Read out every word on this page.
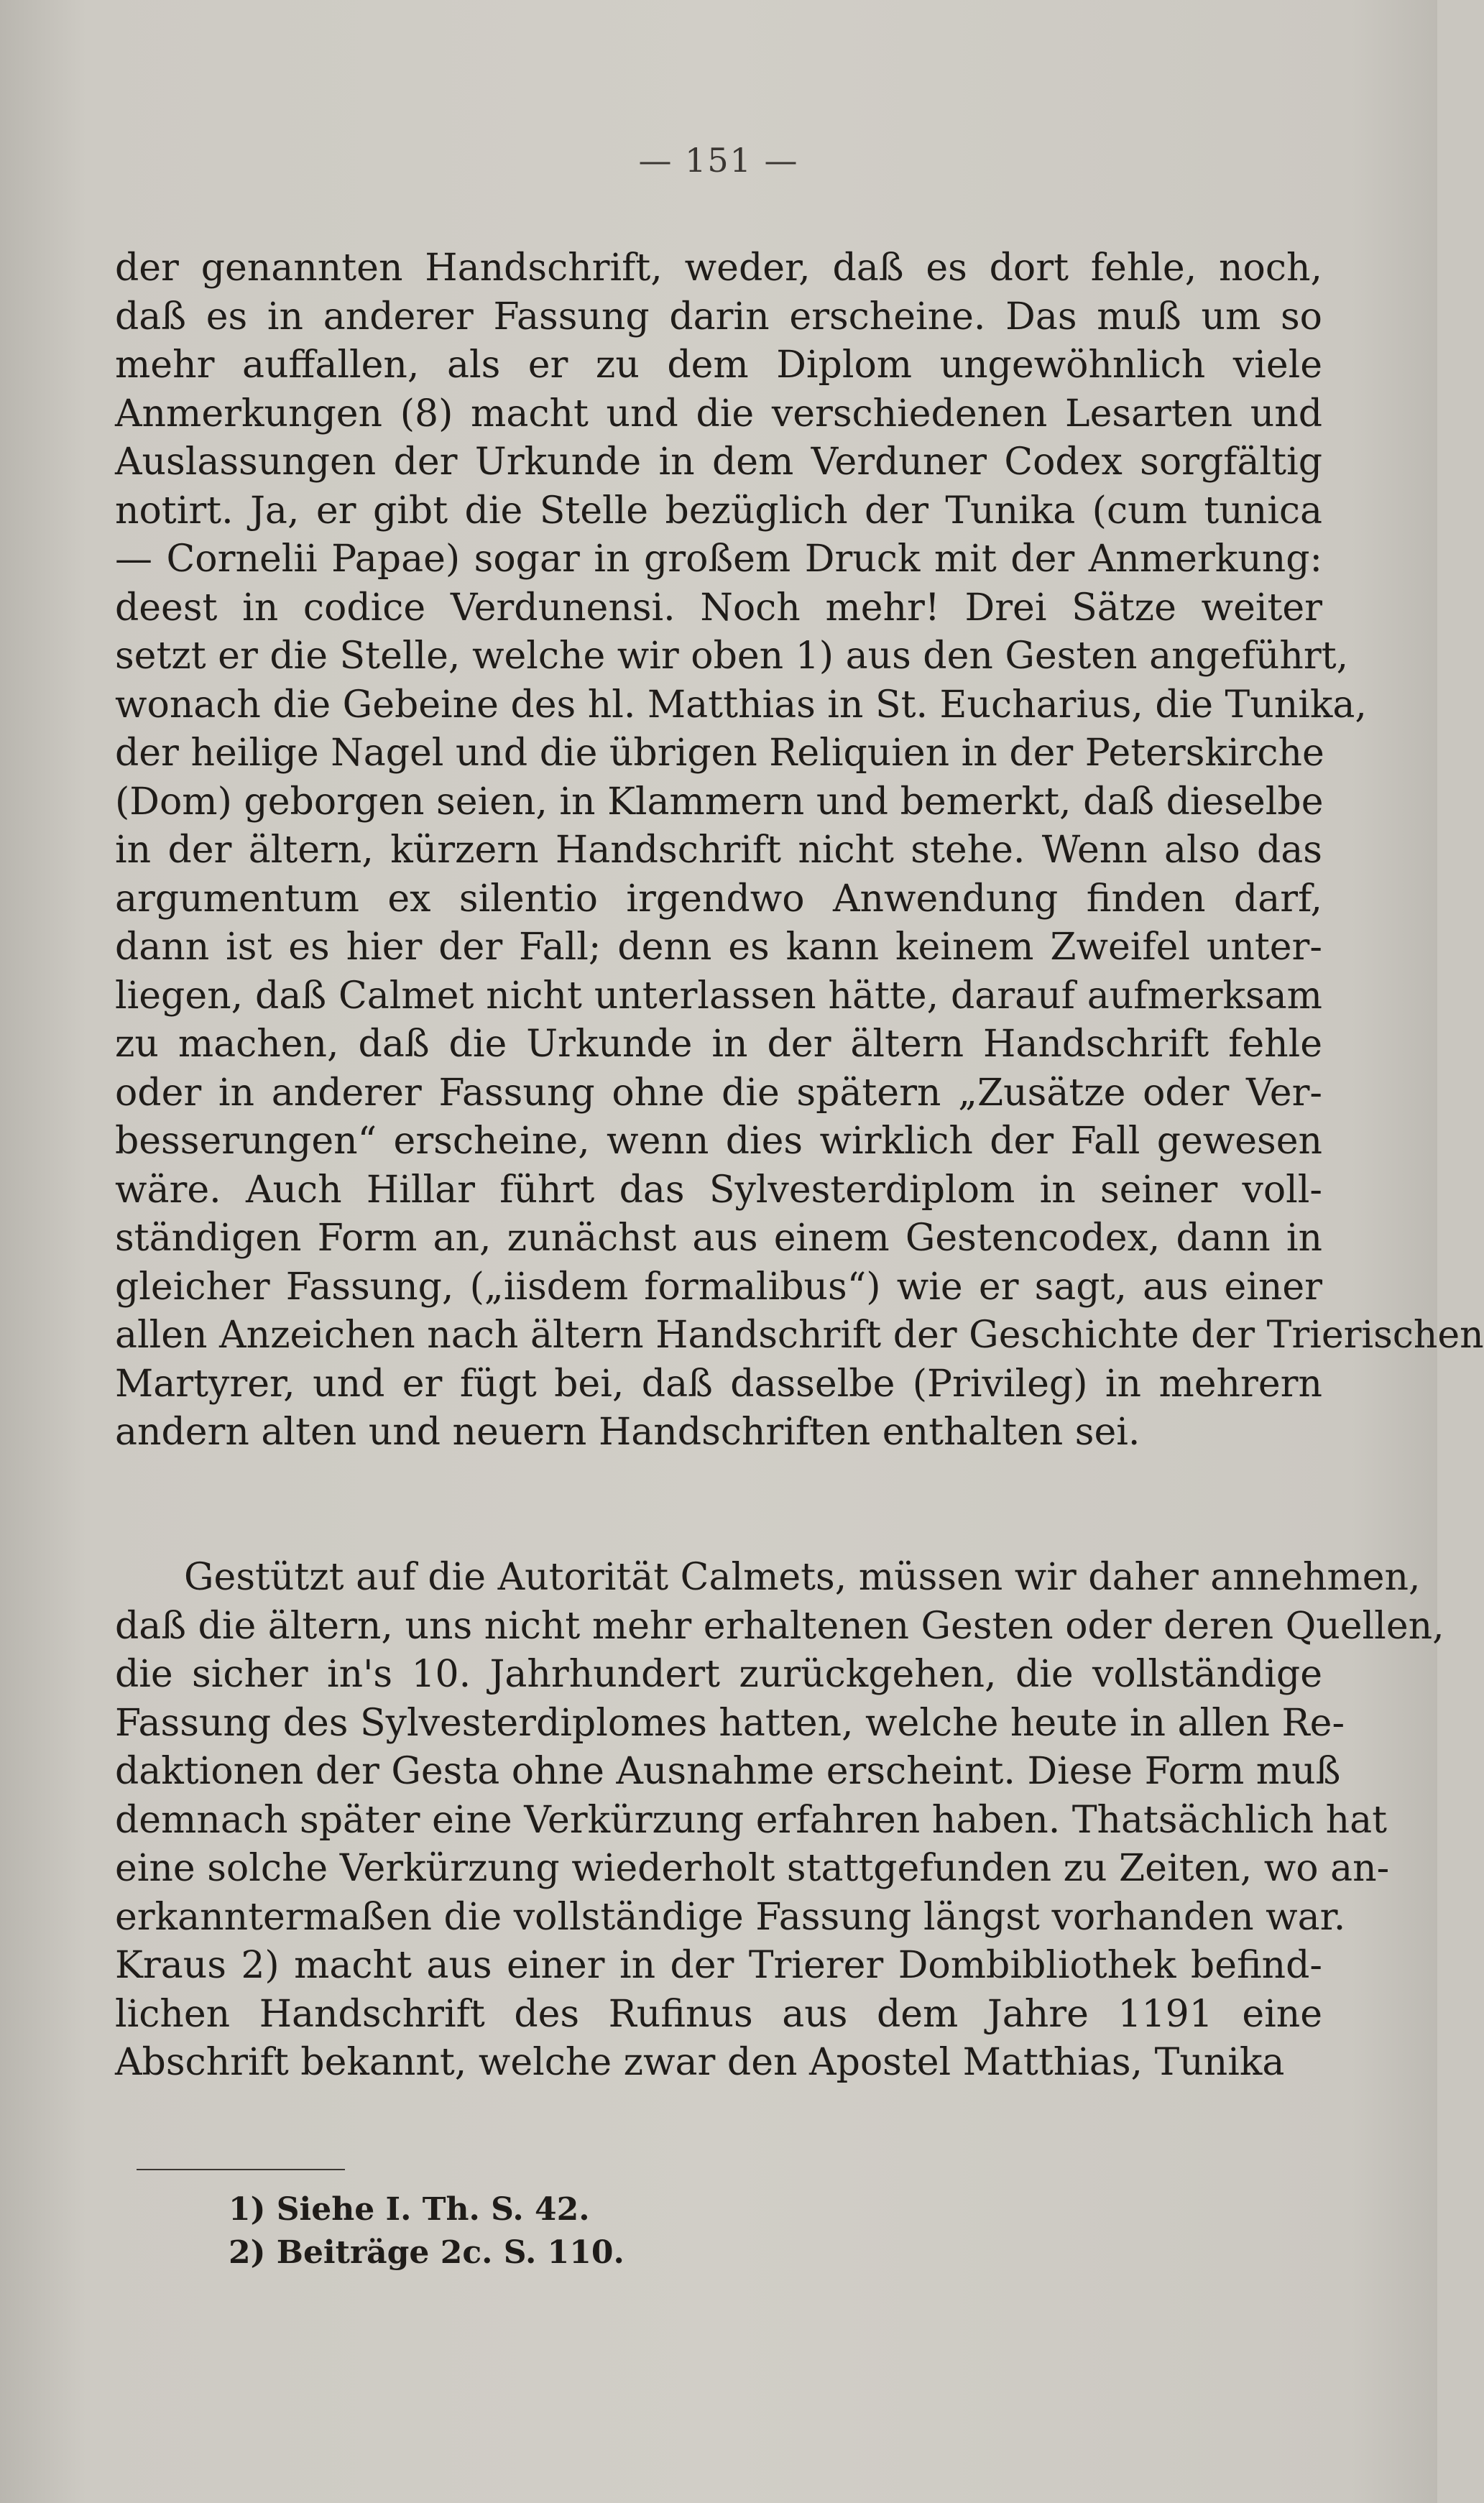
— 151 —
der genannten Handschrift, weder, daß es dort fehle, noch,
daß es in anderer Fassung darin erscheine. Das muß um so
mehr auffallen, als er zu dem Diplom ungewöhnlich viele
Anmerkungen (8) macht und die verschiedenen Lesarten und
Auslassungen der Urkunde in dem Verduner Codex sorgfältig
notirt. Ja, er gibt die Stelle bezüglich der Tunika (cum tunica
— Cornelii Papae) sogar in großem Druck mit der Anmerkung:
deest in codice Verdunensi. Noch mehr! Drei Sätze weiter
setzt er die Stelle, welche wir oben 1) aus den Gesten angeführt,
wonach die Gebeine des hl. Matthias in St. Eucharius, die Tunika,
der heilige Nagel und die übrigen Reliquien in der Peterskirche
(Dom) geborgen seien, in Klammern und bemerkt, daß dieselbe
in der ältern, kürzern Handschrift nicht stehe. Wenn also das
argumentum ex silentio irgendwo Anwendung finden darf,
dann ist es hier der Fall; denn es kann keinem Zweifel unter-
liegen, daß Calmet nicht unterlassen hätte, darauf aufmerksam
zu machen, daß die Urkunde in der ältern Handschrift fehle
oder in anderer Fassung ohne die spätern „Zusätze oder Ver-
besserungen“ erscheine, wenn dies wirklich der Fall gewesen
wäre. Auch Hillar führt das Sylvesterdiplom in seiner voll-
ständigen Form an, zunächst aus einem Gestencodex, dann in
gleicher Fassung, („iisdem formalibus“) wie er sagt, aus einer
allen Anzeichen nach ältern Handschrift der Geschichte der Trierischen
Martyrer, und er fügt bei, daß dasselbe (Privileg) in mehrern
andern alten und neuern Handschriften enthalten sei.
Gestützt auf die Autorität Calmets, müssen wir daher annehmen,
daß die ältern, uns nicht mehr erhaltenen Gesten oder deren Quellen,
die sicher in's 10. Jahrhundert zurückgehen, die vollständige
Fassung des Sylvesterdiplomes hatten, welche heute in allen Re-
daktionen der Gesta ohne Ausnahme erscheint. Diese Form muß
demnach später eine Verkürzung erfahren haben. Thatsächlich hat
eine solche Verkürzung wiederholt stattgefunden zu Zeiten, wo an-
erkanntermaßen die vollständige Fassung längst vorhanden war.
Kraus 2) macht aus einer in der Trierer Dombibliothek befind-
lichen Handschrift des Rufinus aus dem Jahre 1191 eine
Abschrift bekannt, welche zwar den Apostel Matthias, Tunika
1) Siehe I. Th. S. 42.
2) Beiträge 2c. S. 110.
